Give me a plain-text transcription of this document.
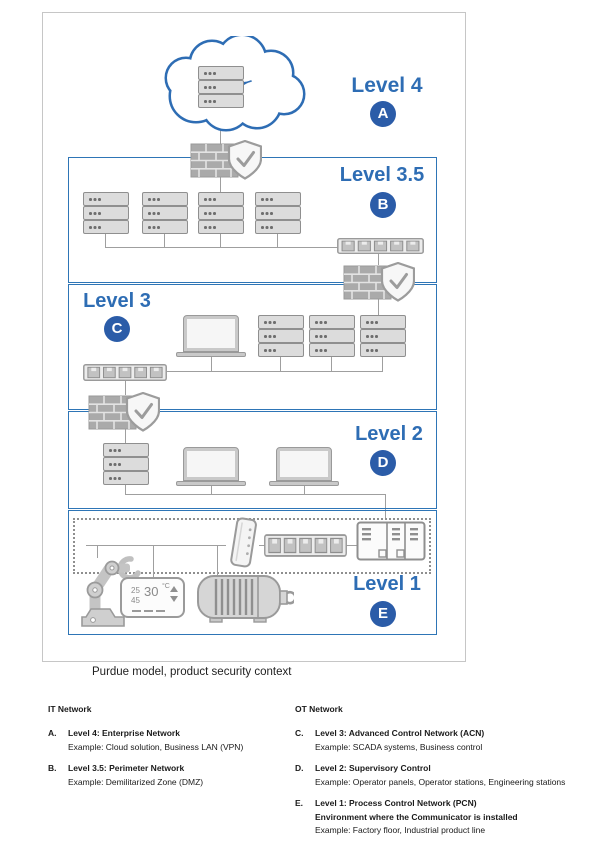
25 30 °C
45
Level 4
A
Level 3.5
B
Level 3
C
Level 2
D
Level 1
E
Purdue model, product security context
IT Network
A.	Level 4: Enterprise Network
Example: Cloud solution, Business LAN (VPN)
B.	Level 3.5: Perimeter Network
Example: Demilitarized Zone (DMZ)
OT Network
C.	Level 3: Advanced Control Network (ACN)
Example: SCADA systems, Business control
D.	Level 2: Supervisory Control
Example: Operator panels, Operator stations, Engineering stations
E.	Level 1: Process Control Network (PCN)
Environment where the Communicator is installed
Example: Factory floor, Industrial product line
